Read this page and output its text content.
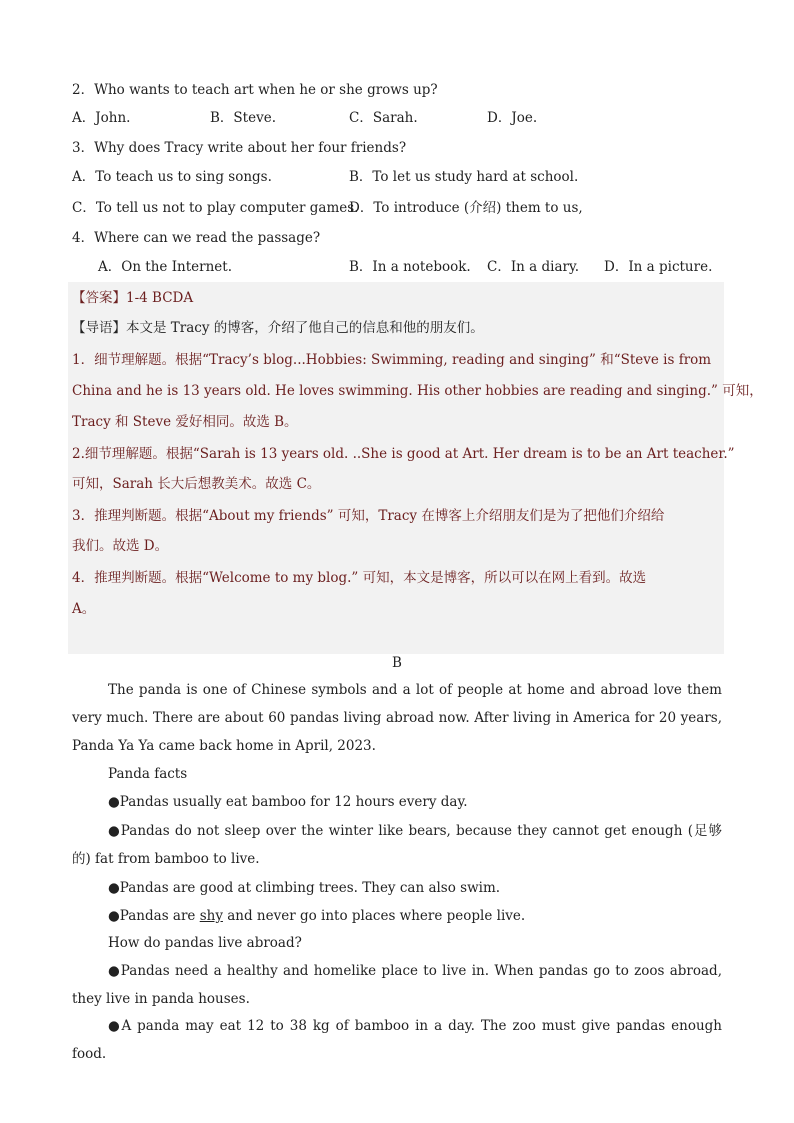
2．Who wants to teach art when he or she grows up?
A．John.	B．Steve.	C．Sarah.	D．Joe.
3．Why does Tracy write about her four friends?
A．To teach us to sing songs.	B．To let us study hard at school.
C．To tell us not to play computer games.
D．To introduce (介绍) them to us,
4．Where can we read the passage?
A．On the Internet.	B．In a notebook. C．In a diary. D．In a picture.
【答案】1-4 BCDA
【导语】本文是 Tracy 的博客，介绍了他自己的信息和他的朋友们。
1．细节理解题。根据“Tracy’s blog...Hobbies: Swimming, reading and singing” 和“Steve is from
China and he is 13 years old. He loves swimming. His other hobbies are reading and singing.” 可知，
Tracy 和 Steve 爱好相同。故选 B。
2.细节理解题。根据“Sarah is 13 years old. ..She is good at Art. Her dream is to be an Art teacher.”
可知，Sarah 长大后想教美术。故选 C。
3．推理判断题。根据“About my friends” 可知，Tracy 在博客上介绍朋友们是为了把他们介绍给
我们。故选 D。
4．推理判断题。根据“Welcome to my blog.” 可知，本文是博客，所以可以在网上看到。故选
A。
B
The panda is one of Chinese symbols and a lot of people at home and abroad love them very much. There are about 60 pandas living abroad now. After living in America for 20 years, Panda Ya Ya came back home in April, 2023.
Panda facts
●Pandas usually eat bamboo for 12 hours every day.
●Pandas do not sleep over the winter like bears, because they cannot get enough (足够的) fat from bamboo to live.
●Pandas are good at climbing trees. They can also swim.
●Pandas are shy and never go into places where people live.
How do pandas live abroad?
●Pandas need a healthy and homelike place to live in. When pandas go to zoos abroad, they live in panda houses.
●A panda may eat 12 to 38 kg of bamboo in a day. The zoo must give pandas enough food.
